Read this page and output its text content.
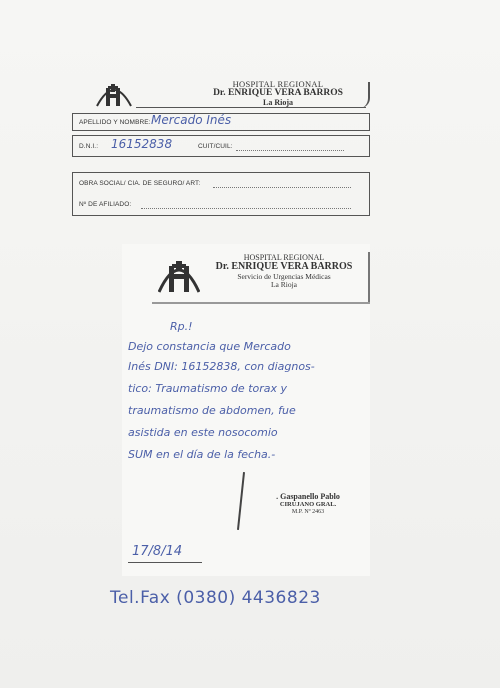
HOSPITAL REGIONAL
Dr. ENRIQUE VERA BARROS
La Rioja
APELLIDO Y NOMBRE: Mercado Inés
D.N.I.: 16152838	CUIT/CUIL:
OBRA SOCIAL/ CIA. DE SEGURO/ ART:
Nº DE AFILIADO:
HOSPITAL REGIONAL
Dr. ENRIQUE VERA BARROS
Servicio de Urgencias Médicas
La Rioja
Rp.!
Dejo constancia que Mercado
Inés DNI: 16152838, con diagnos-
tico: Traumatismo de torax y
traumatismo de abdomen, fue
asistida en este nosocomio
SUM en el día de la fecha.-
. Gaspanello Pablo
CIRUJANO GRAL.
M.P. Nº 2463
17/8/14
Tel.Fax (0380) 4436823
